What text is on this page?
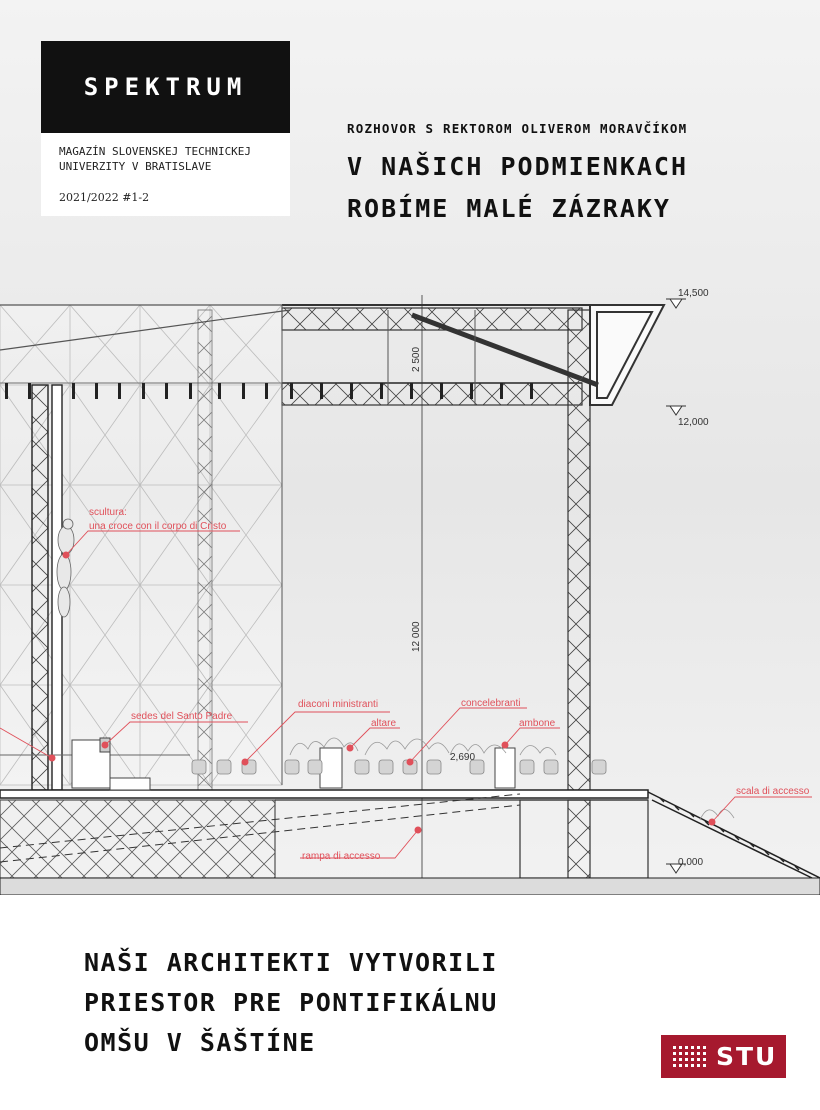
14,500
12,000
0,000
2 500
12 000
2,690
scultura:
una croce con il corpo di Cristo
sedes del Santo Padre
diaconi ministranti
altare
concelebranti
ambone
scala di accesso
rampa di accesso
SPEKTRUM
MAGAZÍN SLOVENSKEJ TECHNICKEJ UNIVERZITY V BRATISLAVE
2021/2022 #1-2
ROZHOVOR S REKTOROM OLIVEROM MORAVČÍKOM
V NAŠICH PODMIENKACH
ROBÍME MALÉ ZÁZRAKY
NAŠI ARCHITEKTI VYTVORILI
PRIESTOR PRE PONTIFIKÁLNU
OMŠU V ŠAŠTÍNE	STU
